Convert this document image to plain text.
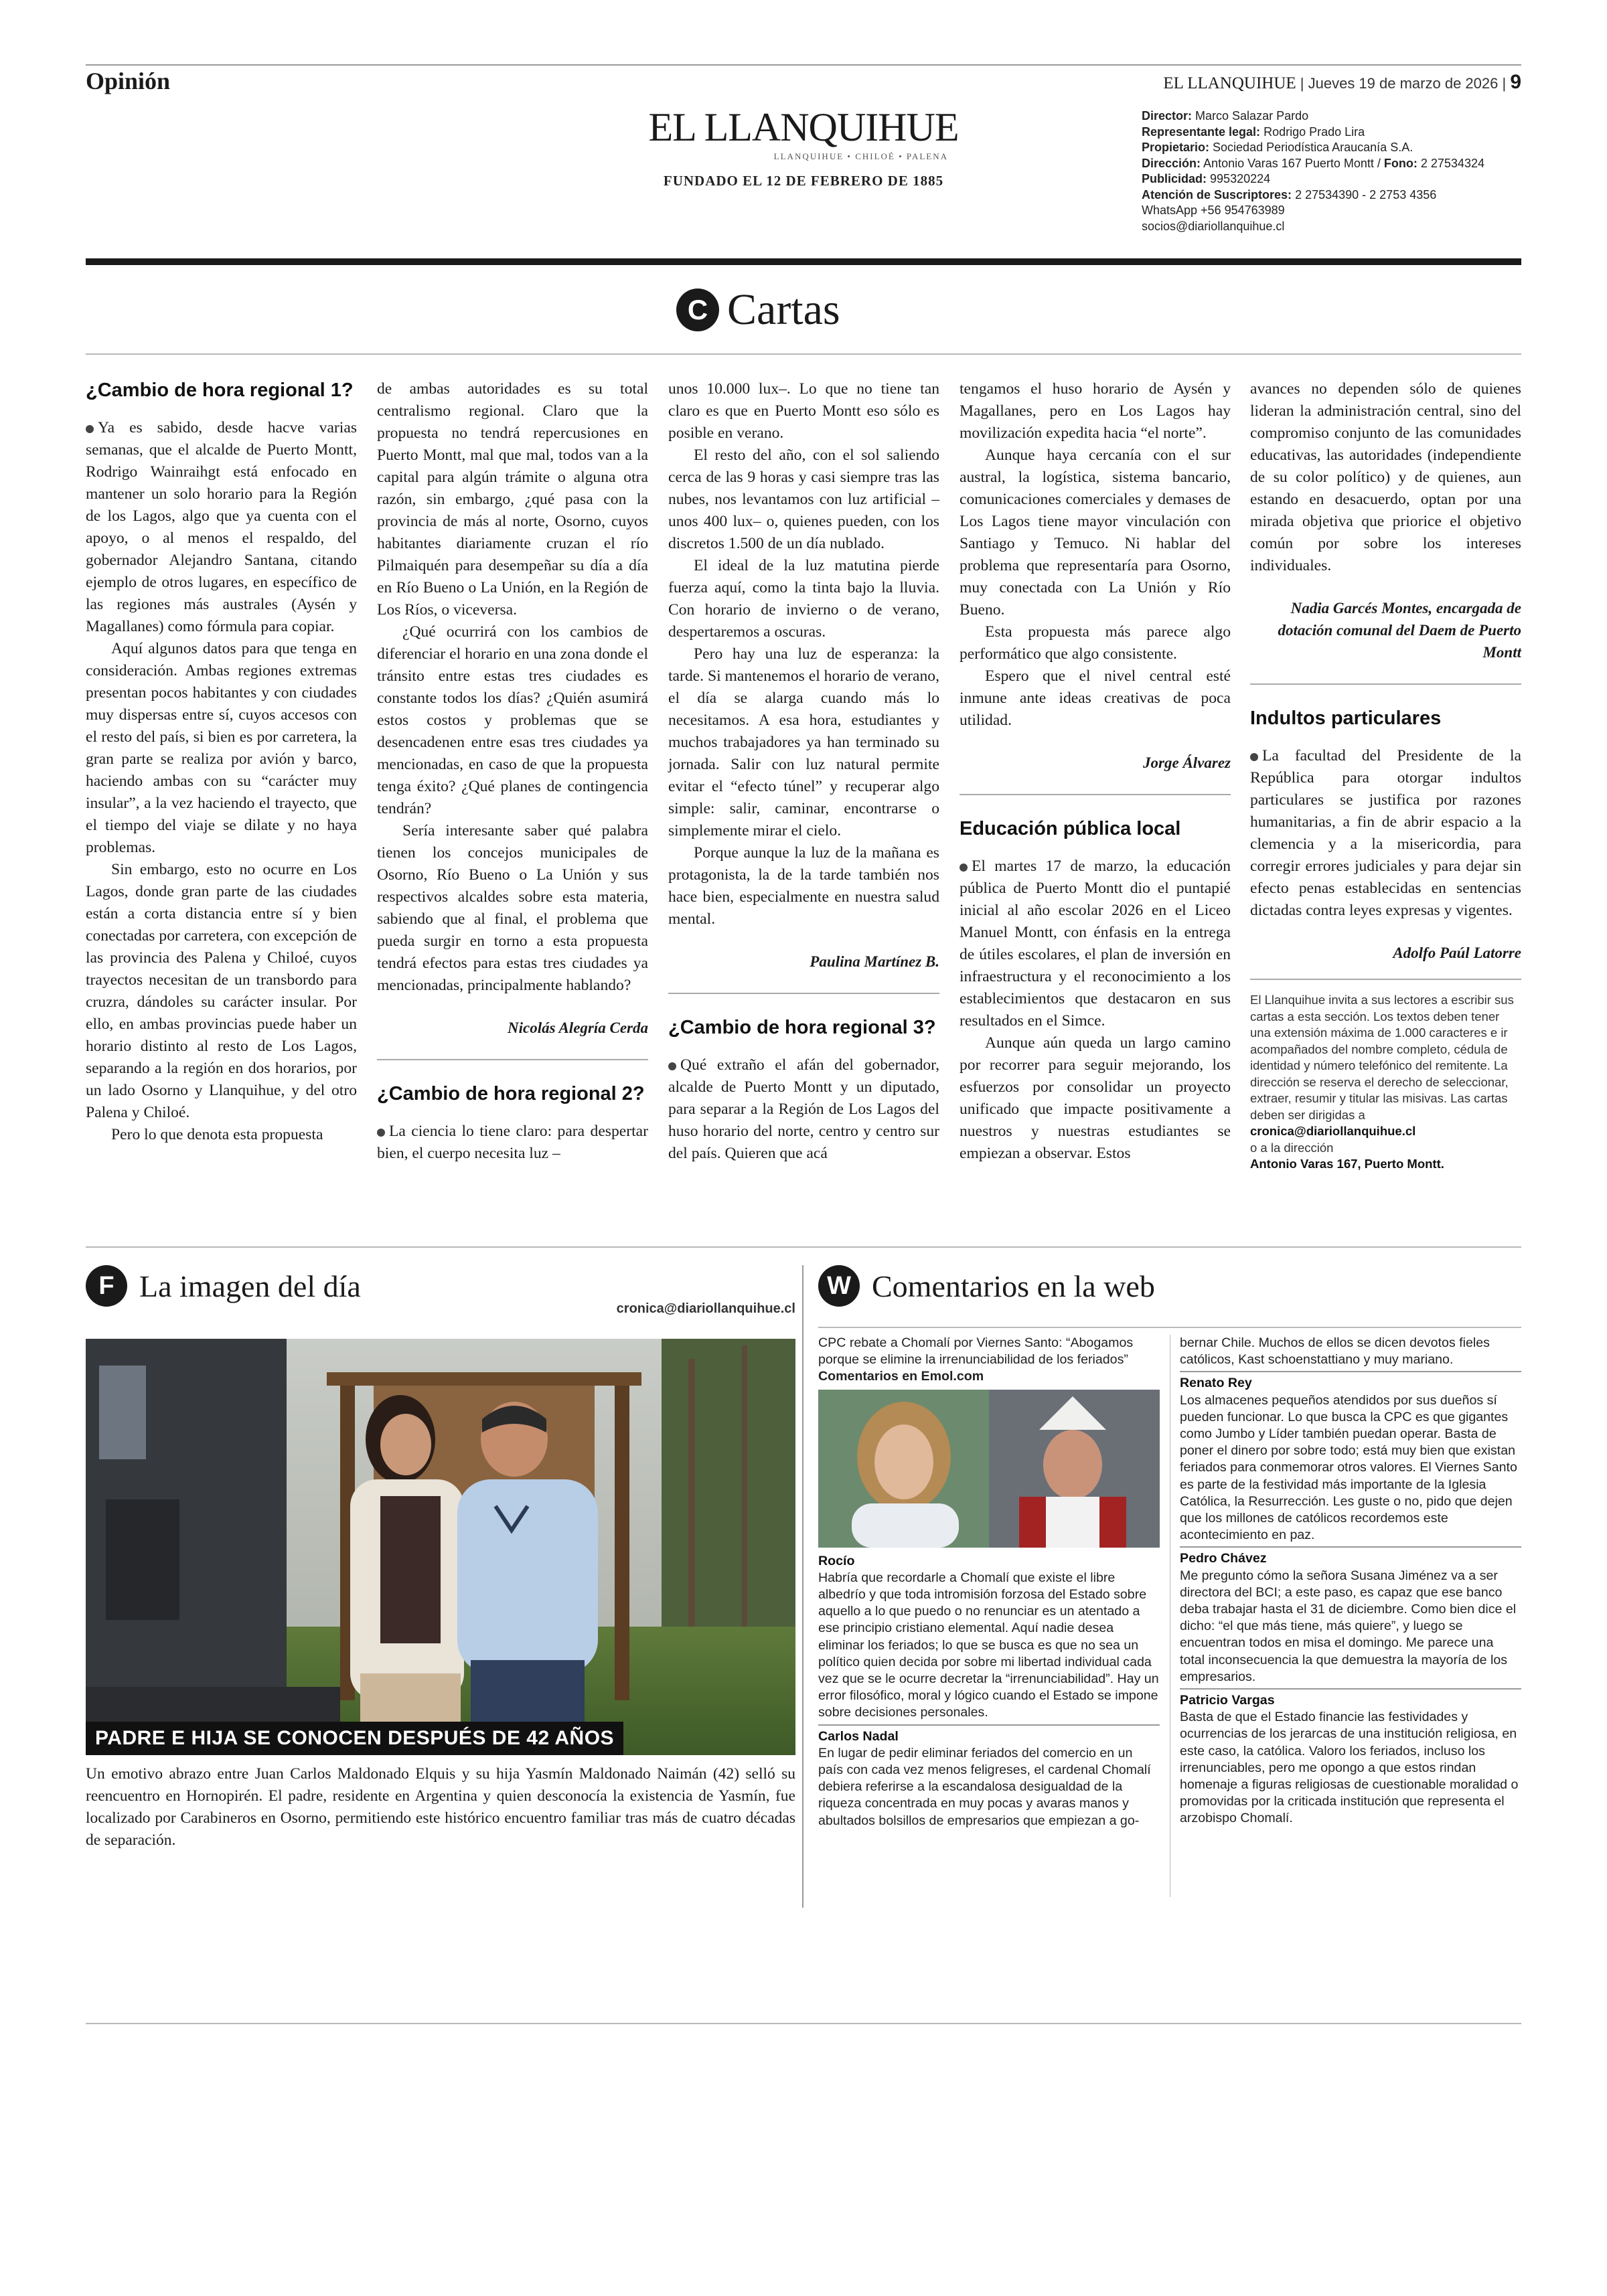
Opinión	EL LLANQUIHUE | Jueves 19 de marzo de 2026 | 9
EL LLANQUIHUE
LLANQUIHUE • CHILOÉ • PALENA
FUNDADO EL 12 DE FEBRERO DE 1885
Director: Marco Salazar Pardo
Representante legal: Rodrigo Prado Lira
Propietario: Sociedad Periodística Araucanía S.A.
Dirección: Antonio Varas 167 Puerto Montt / Fono: 2 27534324
Publicidad: 995320224
Atención de Suscriptores: 2 27534390 - 2 2753 4356
WhatsApp +56 954763989
socios@diariollanquihue.cl
C Cartas
¿Cambio de hora regional 1?

Ya es sabido, desde hacve varias semanas, que el alcalde de Puerto Montt, Rodrigo Wainraihgt está enfocado en mantener un solo horario para la Región de los Lagos, algo que ya cuenta con el apoyo, o al menos el respaldo, del gobernador Alejandro Santana, citando ejemplo de otros lugares, en específico de las regiones más australes (Aysén y Magallanes) como fórmula para copiar.

Aquí algunos datos para que tenga en consideración. Ambas regiones extremas presentan pocos habitantes y con ciudades muy dispersas entre sí, cuyos accesos con el resto del país, si bien es por carretera, la gran parte se realiza por avión y barco, haciendo ambas con su “carácter muy insular”, a la vez haciendo el trayecto, que el tiempo del viaje se dilate y no haya problemas.

Sin embargo, esto no ocurre en Los Lagos, donde gran parte de las ciudades están a corta distancia entre sí y bien conectadas por carretera, con excepción de las provincia des Palena y Chiloé, cuyos trayectos necesitan de un transbordo para cruzra, dándoles su carácter insular. Por ello, en ambas provincias puede haber un horario distinto al resto de Los Lagos, separando a la región en dos horarios, por un lado Osorno y Llanquihue, y del otro Palena y Chiloé.

Pero lo que denota esta propuesta

de ambas autoridades es su total centralismo regional. Claro que la propuesta no tendrá repercusiones en Puerto Montt, mal que mal, todos van a la capital para algún trámite o alguna otra razón, sin embargo, ¿qué pasa con la provincia de más al norte, Osorno, cuyos habitantes diariamente cruzan el río Pilmaiquén para desempeñar su día a día en Río Bueno o La Unión, en la Región de Los Ríos, o viceversa.

¿Qué ocurrirá con los cambios de diferenciar el horario en una zona donde el tránsito entre estas tres ciudades es constante todos los días? ¿Quién asumirá estos costos y problemas que se desencadenen entre esas tres ciudades ya mencionadas, en caso de que la propuesta tenga éxito? ¿Qué planes de contingencia tendrán?

Sería interesante saber qué palabra tienen los concejos municipales de Osorno, Río Bueno o La Unión y sus respectivos alcaldes sobre esta materia, sabiendo que al final, el problema que pueda surgir en torno a esta propuesta tendrá efectos para estas tres ciudades ya mencionadas, principalmente hablando?

Nicolás Alegría Cerda
¿Cambio de hora regional 2?

La ciencia lo tiene claro: para despertar bien, el cuerpo necesita luz –

unos 10.000 lux–. Lo que no tiene tan claro es que en Puerto Montt eso sólo es posible en verano.

El resto del año, con el sol saliendo cerca de las 9 horas y casi siempre tras las nubes, nos levantamos con luz artificial –unos 400 lux– o, quienes pueden, con los discretos 1.500 de un día nublado.

El ideal de la luz matutina pierde fuerza aquí, como la tinta bajo la lluvia. Con horario de invierno o de verano, despertaremos a oscuras.

Pero hay una luz de esperanza: la tarde. Si mantenemos el horario de verano, el día se alarga cuando más lo necesitamos. A esa hora, estudiantes y muchos trabajadores ya han terminado su jornada. Salir con luz natural permite evitar el “efecto túnel” y recuperar algo simple: salir, caminar, encontrarse o simplemente mirar el cielo.

Porque aunque la luz de la mañana es protagonista, la de la tarde también nos hace bien, especialmente en nuestra salud mental.

Paulina Martínez B.
¿Cambio de hora regional 3?

Qué extraño el afán del gobernador, alcalde de Puerto Montt y un diputado, para separar a la Región de Los Lagos del huso horario del norte, centro y centro sur del país. Quieren que acá

tengamos el huso horario de Aysén y Magallanes, pero en Los Lagos hay movilización expedita hacia “el norte”.

Aunque haya cercanía con el sur austral, la logística, sistema bancario, comunicaciones comerciales y demases de Los Lagos tiene mayor vinculación con Santiago y Temuco. Ni hablar del problema que representaría para Osorno, muy conectada con La Unión y Río Bueno.

Esta propuesta más parece algo performático que algo consistente.

Espero que el nivel central esté inmune ante ideas creativas de poca utilidad.

Jorge Álvarez
Educación pública local

El martes 17 de marzo, la educación pública de Puerto Montt dio el puntapié inicial al año escolar 2026 en el Liceo Manuel Montt, con énfasis en la entrega de útiles escolares, el plan de inversión en infraestructura y el reconocimiento a los establecimientos que destacaron en sus resultados en el Simce.

Aunque aún queda un largo camino por recorrer para seguir mejorando, los esfuerzos por consolidar un proyecto unificado que impacte positivamente a nuestros y nuestras estudiantes se empiezan a observar. Estos

avances no dependen sólo de quienes lideran la administración central, sino del compromiso conjunto de las comunidades educativas, las autoridades (independiente de su color político) y de quienes, aun estando en desacuerdo, optan por una mirada objetiva que priorice el objetivo común por sobre los intereses individuales.

Nadia Garcés Montes, encargada de dotación comunal del Daem de Puerto Montt
Indultos particulares

La facultad del Presidente de la República para otorgar indultos particulares se justifica por razones humanitarias, a fin de abrir espacio a la clemencia y a la misericordia, para corregir errores judiciales y para dejar sin efecto penas establecidas en sentencias dictadas contra leyes expresas y vigentes.

Adolfo Paúl Latorre
El Llanquihue invita a sus lectores a escribir sus cartas a esta sección. Los textos deben tener una extensión máxima de 1.000 caracteres e ir acompañados del nombre completo, cédula de identidad y número telefónico del remitente. La dirección se reserva el derecho de seleccionar, extraer, resumir y titular las misivas. Las cartas deben ser dirigidas a
cronica@diariollanquihue.cl
o a la dirección
Antonio Varas 167, Puerto Montt.
F La imagen del día
cronica@diariollanquihue.cl
PADRE E HIJA SE CONOCEN DESPUÉS DE 42 AÑOS
Un emotivo abrazo entre Juan Carlos Maldonado Elquis y su hija Yasmín Maldonado Naimán (42) selló su reencuentro en Hornopirén. El padre, residente en Argentina y quien desconocía la existencia de Yasmín, fue localizado por Carabineros en Osorno, permitiendo este histórico encuentro familiar tras más de cuatro décadas de separación.
W Comentarios en la web
CPC rebate a Chomalí por Viernes Santo: “Abogamos porque se elimine la irrenunciabilidad de los feriados”
Comentarios en Emol.com
Rocío
Habría que recordarle a Chomalí que existe el libre albedrío y que toda intromisión forzosa del Estado sobre aquello a lo que puedo o no renunciar es un atentado a ese principio cristiano elemental. Aquí nadie desea eliminar los feriados; lo que se busca es que no sea un político quien decida por sobre mi libertad individual cada vez que se le ocurre decretar la “irrenunciabilidad”. Hay un error filosófico, moral y lógico cuando el Estado se impone sobre decisiones personales.
Carlos Nadal
En lugar de pedir eliminar feriados del comercio en un país con cada vez menos feligreses, el cardenal Chomalí debiera referirse a la escandalosa desigualdad de la riqueza concentrada en muy pocas y avaras manos y abultados bolsillos de empresarios que empiezan a go-
bernar Chile. Muchos de ellos se dicen devotos fieles católicos, Kast schoenstattiano y muy mariano.
Renato Rey
Los almacenes pequeños atendidos por sus dueños sí pueden funcionar. Lo que busca la CPC es que gigantes como Jumbo y Líder también puedan operar. Basta de poner el dinero por sobre todo; está muy bien que existan feriados para conmemorar otros valores. El Viernes Santo es parte de la festividad más importante de la Iglesia Católica, la Resurrección. Les guste o no, pido que dejen que los millones de católicos recordemos este acontecimiento en paz.
Pedro Chávez
Me pregunto cómo la señora Susana Jiménez va a ser directora del BCI; a este paso, es capaz que ese banco deba trabajar hasta el 31 de diciembre. Como bien dice el dicho: “el que más tiene, más quiere”, y luego se encuentran todos en misa el domingo. Me parece una total inconsecuencia la que demuestra la mayoría de los empresarios.
Patricio Vargas
Basta de que el Estado financie las festividades y ocurrencias de los jerarcas de una institución religiosa, en este caso, la católica. Valoro los feriados, incluso los irrenunciables, pero me opongo a que estos rindan homenaje a figuras religiosas de cuestionable moralidad o promovidas por la criticada institución que representa el arzobispo Chomalí.
